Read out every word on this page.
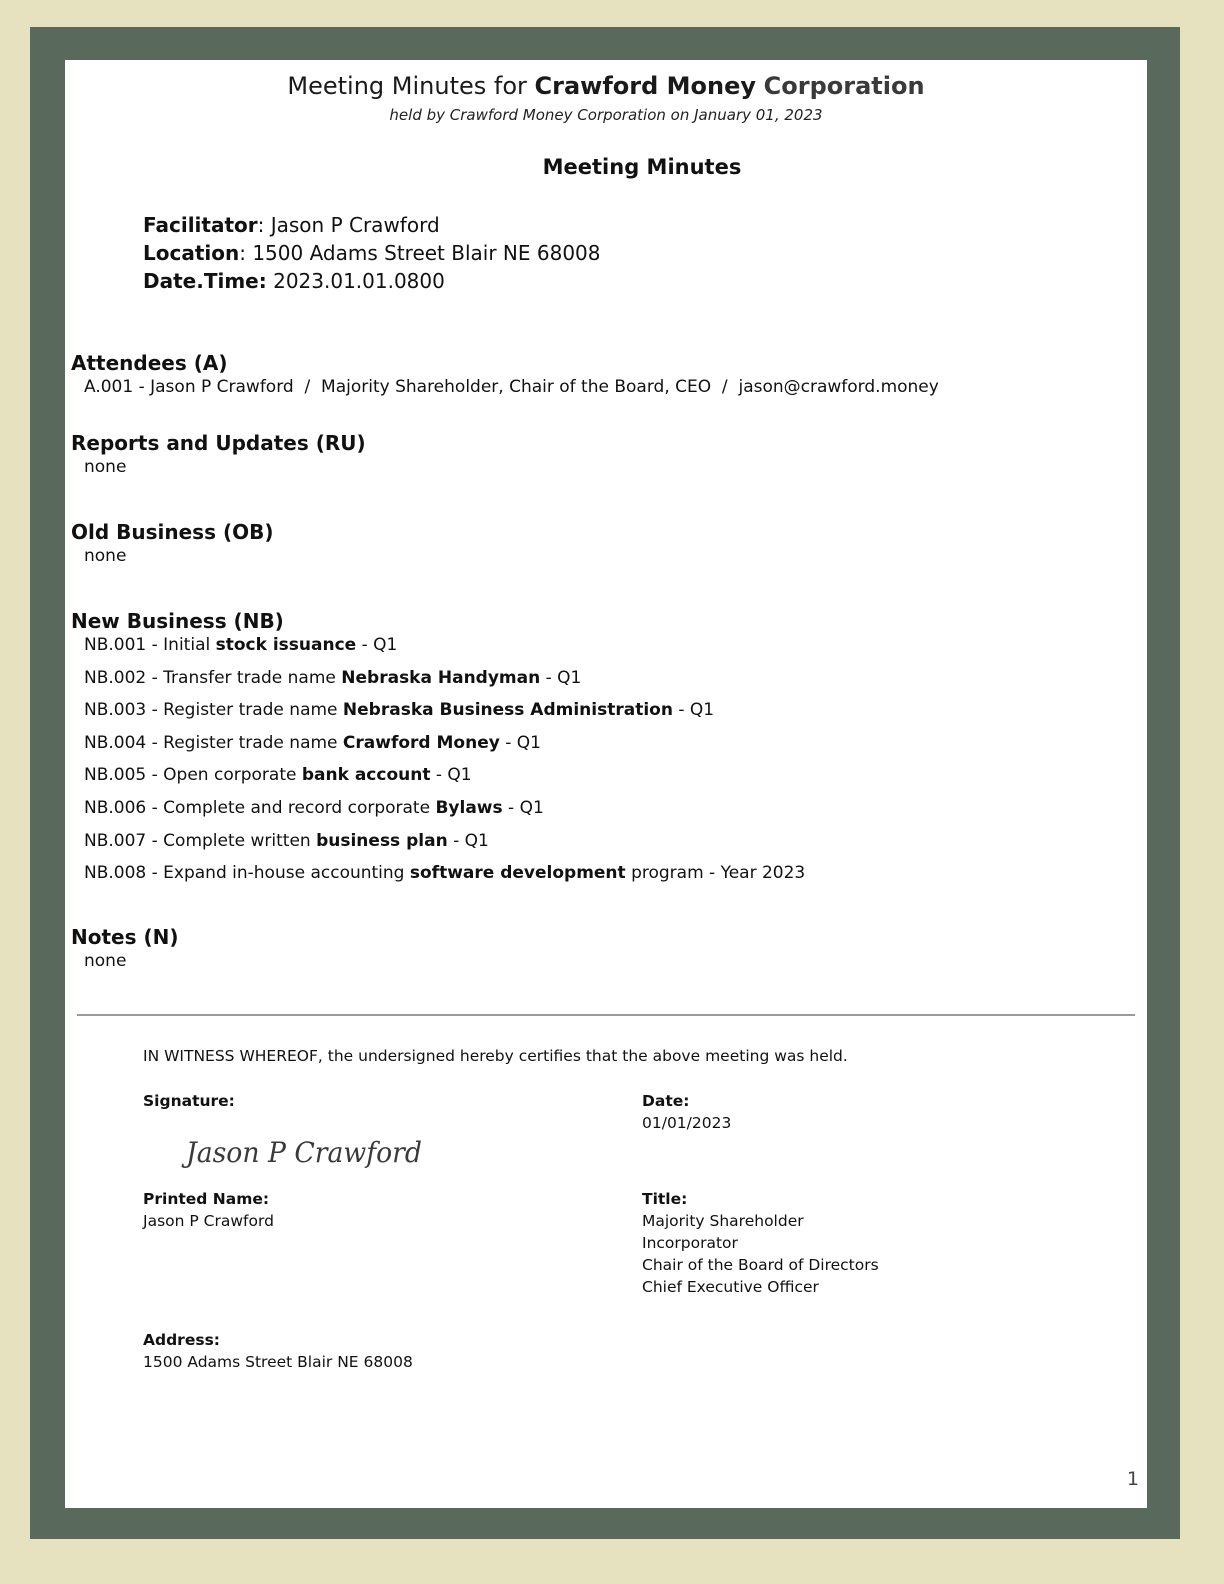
Meeting Minutes for Crawford Money Corporation
held by Crawford Money Corporation on January 01, 2023
Meeting Minutes
Facilitator: Jason P Crawford
Location: 1500 Adams Street Blair NE 68008
Date.Time: 2023.01.01.0800
Attendees (A)
A.001 - Jason P Crawford  /  Majority Shareholder, Chair of the Board, CEO  /  jason@crawford.money
Reports and Updates (RU)
none
Old Business (OB)
none
New Business (NB)
NB.001 - Initial stock issuance - Q1
NB.002 - Transfer trade name Nebraska Handyman - Q1
NB.003 - Register trade name Nebraska Business Administration - Q1
NB.004 - Register trade name Crawford Money - Q1
NB.005 - Open corporate bank account - Q1
NB.006 - Complete and record corporate Bylaws - Q1
NB.007 - Complete written business plan - Q1
NB.008 - Expand in-house accounting software development program - Year 2023
Notes (N)
none
IN WITNESS WHEREOF, the undersigned hereby certifies that the above meeting was held.
Signature:
Jason P Crawford
Date:
01/01/2023
Printed Name:
Jason P Crawford
Title:
Majority Shareholder
Incorporator
Chair of the Board of Directors
Chief Executive Officer
Address:
1500 Adams Street Blair NE 68008
1
